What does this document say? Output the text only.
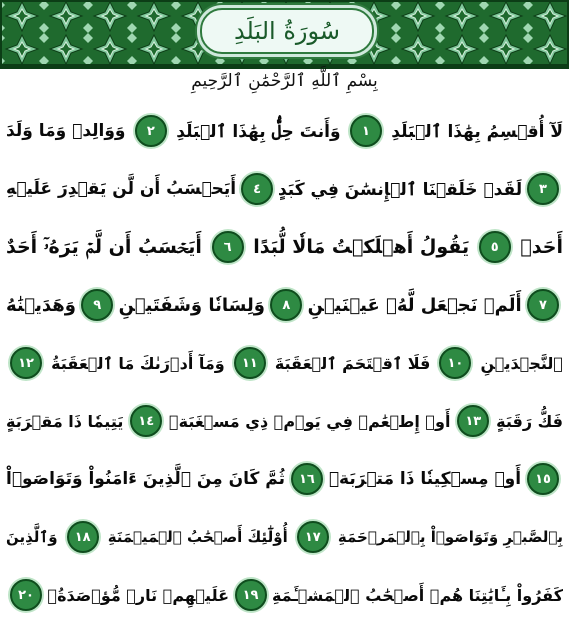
سُورَةُ البَلَدِ
بِسْمِ ٱللَّهِ ٱلرَّحْمَٰنِ ٱلرَّحِيمِ
لَآ أُقۡسِمُ بِهَٰذَا ٱلۡبَلَدِ
١
وَأَنتَ حِلُّۢ بِهَٰذَا ٱلۡبَلَدِ
٢
وَوَالِدٖ وَمَا وَلَدَ
٣
لَقَدۡ خَلَقۡنَا ٱلۡإِنسَٰنَ فِي كَبَدٍ
٤
أَيَحۡسَبُ أَن لَّن يَقۡدِرَ عَلَيۡهِ
أَحَدٞ
٥
يَقُولُ أَهۡلَكۡتُ مَالٗا لُّبَدًا
٦
أَيَحۡسَبُ أَن لَّمۡ يَرَهُۥٓ أَحَدٌ
٧
أَلَمۡ نَجۡعَل لَّهُۥ عَيۡنَيۡنِ
٨
وَلِسَانٗا وَشَفَتَيۡنِ
٩
وَهَدَيۡنَٰهُ
ٱلنَّجۡدَيۡنِ
١٠
فَلَا ٱقۡتَحَمَ ٱلۡعَقَبَةَ
١١
وَمَآ أَدۡرَىٰكَ مَا ٱلۡعَقَبَةُ
١٢
فَكُّ رَقَبَةٍ
١٣
أَوۡ إِطۡعَٰمٞ فِي يَوۡمٖ ذِي مَسۡغَبَةٖ
١٤
يَتِيمٗا ذَا مَقۡرَبَةٍ
١٥
أَوۡ مِسۡكِينٗا ذَا مَتۡرَبَةٖ
١٦
ثُمَّ كَانَ مِنَ ٱلَّذِينَ ءَامَنُواْ وَتَوَاصَوۡاْ
بِٱلصَّبۡرِ وَتَوَاصَوۡاْ بِٱلۡمَرۡحَمَةِ
١٧
أُوْلَٰٓئِكَ أَصۡحَٰبُ ٱلۡمَيۡمَنَةِ
١٨
وَٱلَّذِينَ
كَفَرُواْ بِـَٔايَٰتِنَا هُمۡ أَصۡحَٰبُ ٱلۡمَشۡـَٔمَةِ
١٩
عَلَيۡهِمۡ نَارٞ مُّؤۡصَدَةُۢ
٢٠
